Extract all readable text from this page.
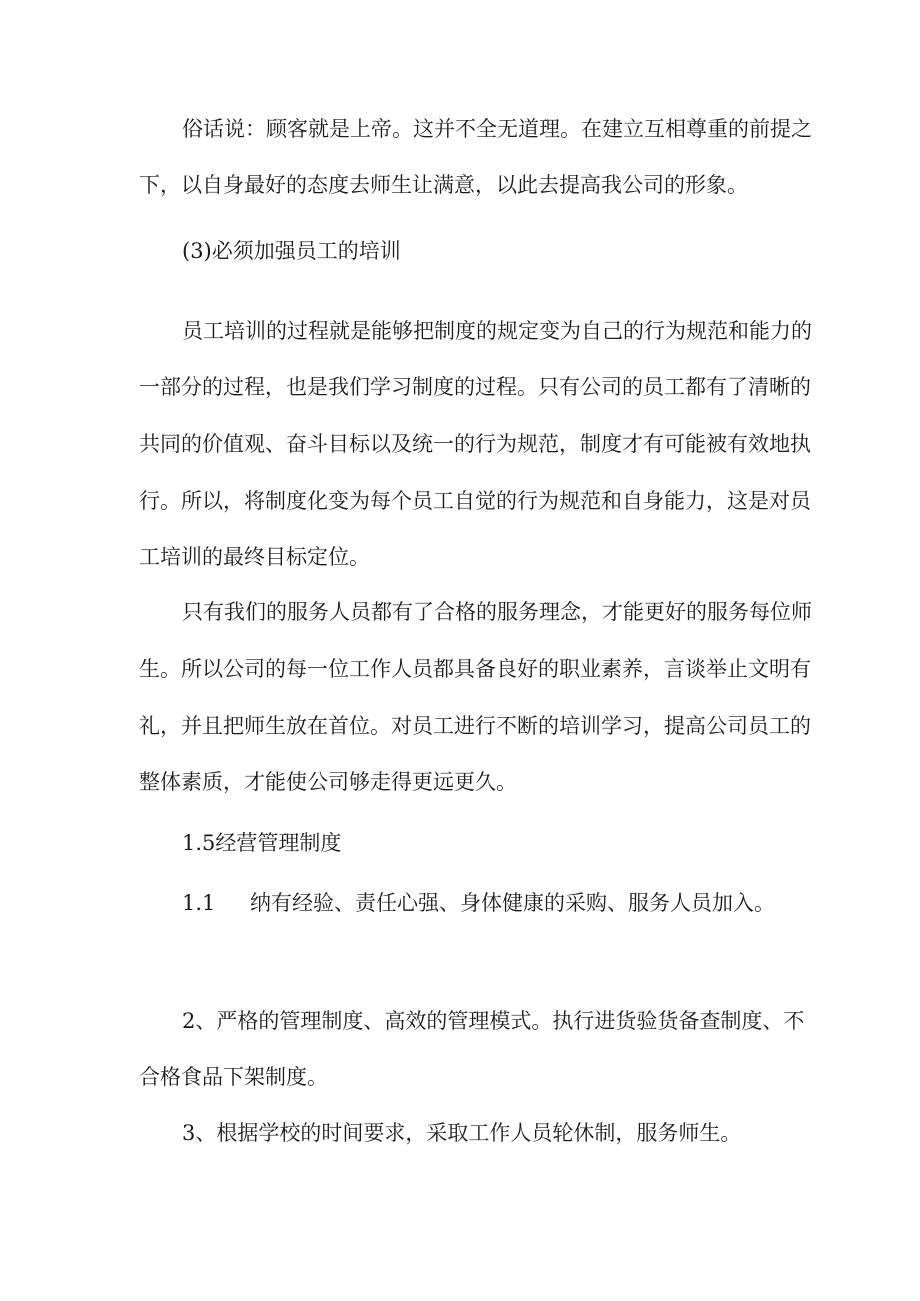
俗话说：顾客就是上帝。这并不全无道理。在建立互相尊重的前提之

下，以自身最好的态度去师生让满意，以此去提高我公司的形象。

(3)必须加强员工的培训

员工培训的过程就是能够把制度的规定变为自己的行为规范和能力的

一部分的过程，也是我们学习制度的过程。只有公司的员工都有了清晰的

共同的价值观、奋斗目标以及统一的行为规范，制度才有可能被有效地执

行。所以，将制度化变为每个员工自觉的行为规范和自身能力，这是对员

工培训的最终目标定位。

只有我们的服务人员都有了合格的服务理念，才能更好的服务每位师

生。所以公司的每一位工作人员都具备良好的职业素养，言谈举止文明有

礼，并且把师生放在首位。对员工进行不断的培训学习，提高公司员工的

整体素质，才能使公司够走得更远更久。

1.5经营管理制度

1.1 纳有经验、责任心强、身体健康的采购、服务人员加入。

2、严格的管理制度、高效的管理模式。执行进货验货备查制度、不

合格食品下架制度。

3、根据学校的时间要求，采取工作人员轮休制，服务师生。
